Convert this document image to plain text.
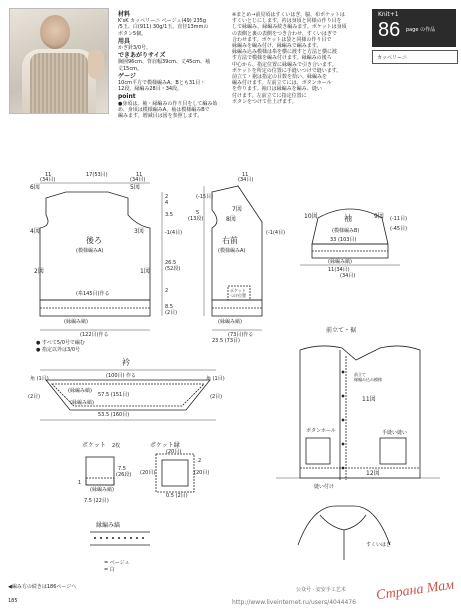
材料
K'sK カッペリーニ ベージュ(49) 235g
/5玉、白(911) 30g/1玉、直径13mmの
ボタン5個。
用具
かぎ針3/0号。
できあがりサイズ
胸囲96cm、背肩幅39cm、丈45cm、袖
丈15cm。
ゲージ
10cm平方で模様編みA、Bとも31目・
12段、縁編み28目・34段。
point
●身頃は、袖・縁編みの作り目をして編み始
め、身頃は模様編みA、袖は模様編みBで
編みます。増減目は図を参照します。
※まとめ→前見頃はすくいはぎ、脇、布ポケットは
すくいとじにします。衿は身頃と同様の作り目を
して縁編み、縁編み続き編みます。ポケットは身頃
の表側と裏の表側をつき合わせ、すくいはぎで
合わせます。ポケットは袋と同様の作り目で
縁編みを編み付け、縁編みで編みます。
縁編み込み模様は糸を横に渡すと方法と横に渡
す方法で模様を編み付けます。縁編みの後ろ
中心から、指定位置に縁編みで引き合います。
ポケットを所定の位置に手縫いつけで縫います。
前立て・裾は指定の目数を拾い、縁編みを
編み付けます。左前立てには、ボタンホール
を作ります。袖口は縁編みを編み、縫い
付けます。左前立てに指定位置に
ボタンをつけて仕上げます。
Knit+1
86 page の作品
カッペリーニ
6図	5図
4図	3図
2図	1図
後ろ
(模様編みA)
(糸145目)作る
(縁編み縞)
(122目)作る
11	17(53目)	11
(34目)	(34目)
2
4
3.5
-1(4目)
26.5
(52段)
2
8.5
(2目)
7図
8図
右前
(模様編みA)
(縁編み縞)
ポケット
つけ位置
11
(34目)
(-15目)
5
(13段)
(-1(4目)
(73目)作る
23.5 (73目)
10図	9図
袖
(模様編みB)
(縁編み縞)
33 (103目)
11(34目)
(34目)
(-11目)
(-45目)
● すべて5/0号で編む
● 指定以外は3/0号
衿
(100目) 作る
(縁編み縞)
57.5 (151目)
53.5 (160目)
(縁編み縞)
角 (1目)	角 (1目)
(2目)	(2目)
ポケット 2枚
(縁編み縞)
7.5 (22目)
7.5
(26段)
1
ポケット縁
(20目)
(20目)	(20目)
0.5 (2目)
2
縁編み縞
= ベージュ
= 白
前立て・裾
11図
12図
前立て
縁編み込み模様
手縫い縫い
ボタンホール
縫い付け
すくいはぎ
◀編み方の続きは186ページへ
185
公众号 · 安安手工艺术
http://www.liveinternet.ru/users/4044476 Страна Мам
